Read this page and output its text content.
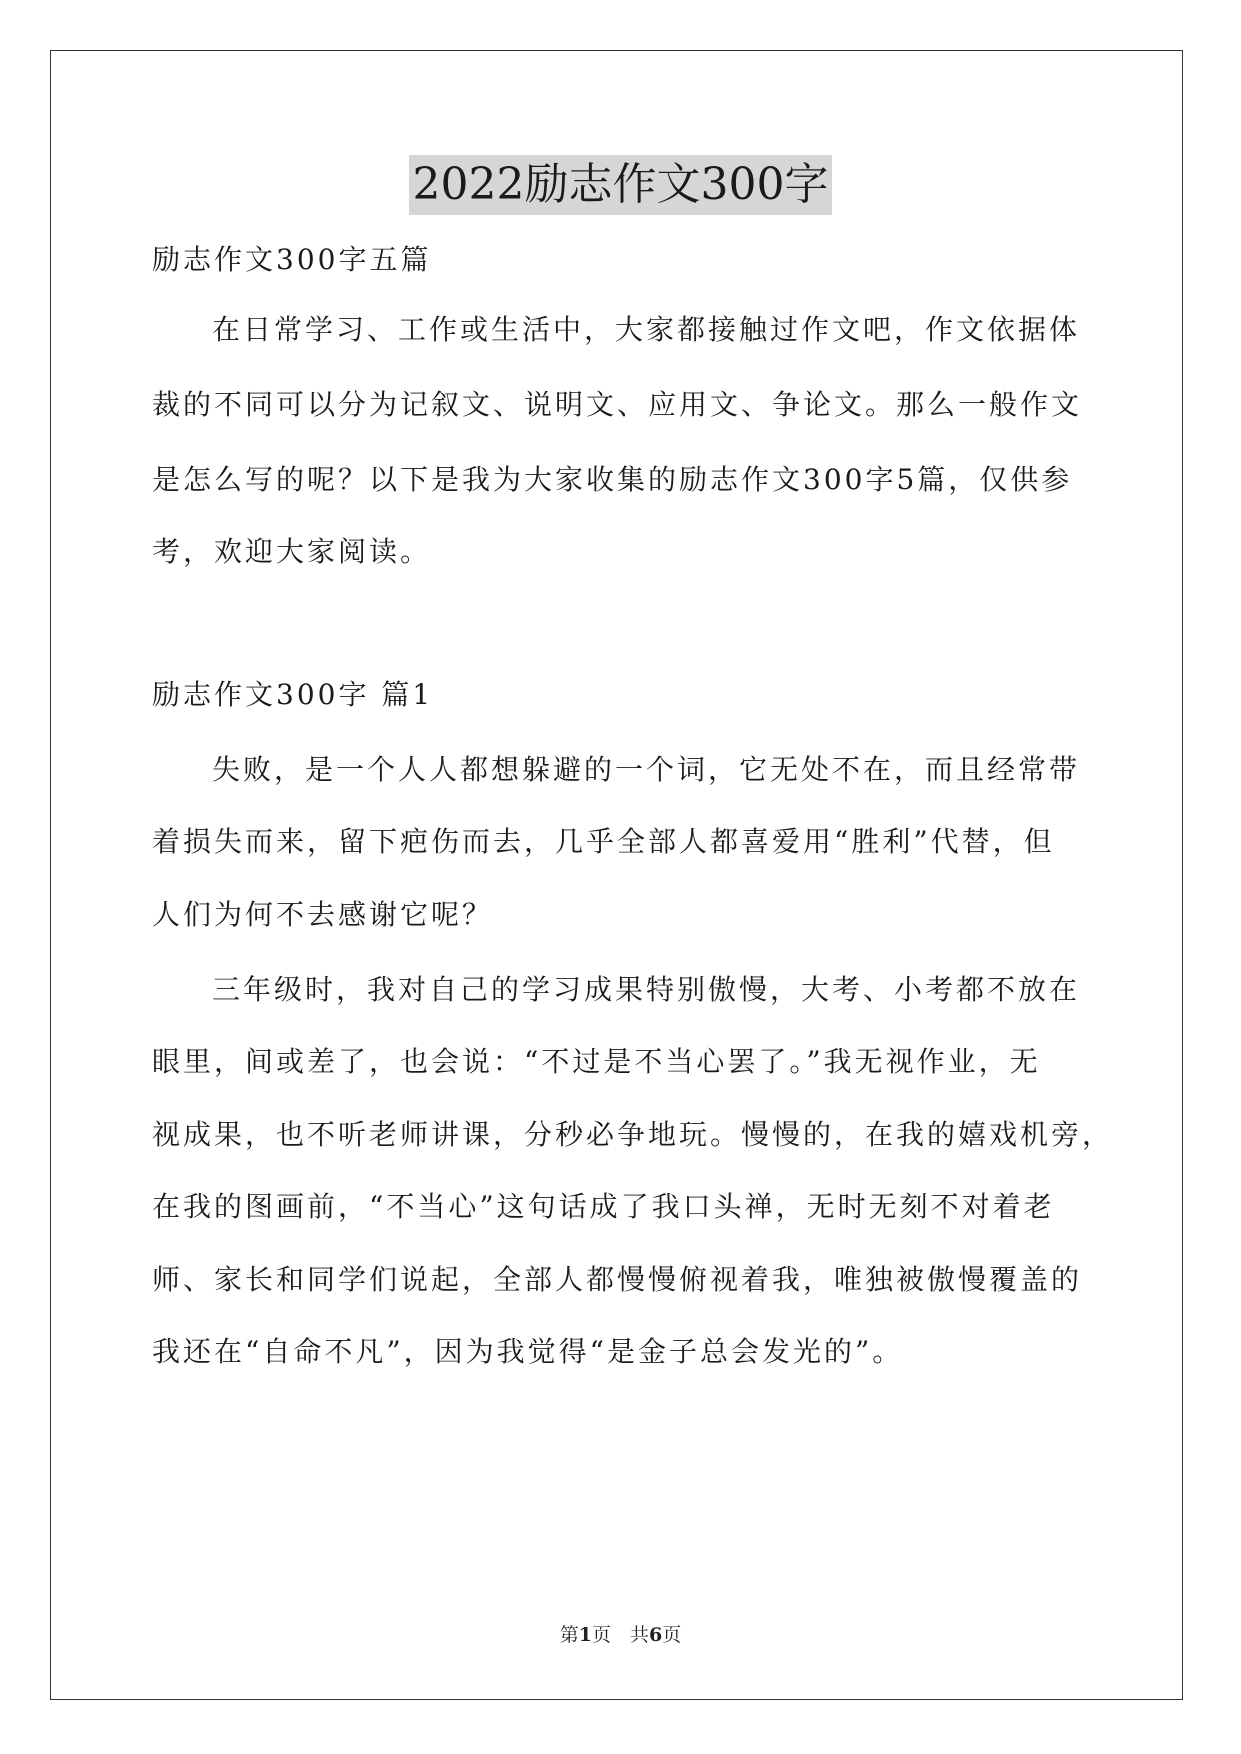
2022励志作文300字
励志作文300字五篇
在日常学习、工作或生活中，大家都接触过作文吧，作文依据体
裁的不同可以分为记叙文、说明文、应用文、争论文。那么一般作文
是怎么写的呢？以下是我为大家收集的励志作文300字5篇，仅供参
考，欢迎大家阅读。
励志作文300字 篇1
失败，是一个人人都想躲避的一个词，它无处不在，而且经常带
着损失而来，留下疤伤而去，几乎全部人都喜爱用“胜利”代替，但
人们为何不去感谢它呢？
三年级时，我对自己的学习成果特别傲慢，大考、小考都不放在
眼里，间或差了，也会说：“不过是不当心罢了。”我无视作业，无
视成果，也不听老师讲课，分秒必争地玩。慢慢的，在我的嬉戏机旁，
在我的图画前，“不当心”这句话成了我口头禅，无时无刻不对着老
师、家长和同学们说起，全部人都慢慢俯视着我，唯独被傲慢覆盖的
我还在“自命不凡”，因为我觉得“是金子总会发光的”。
第1页　共6页
